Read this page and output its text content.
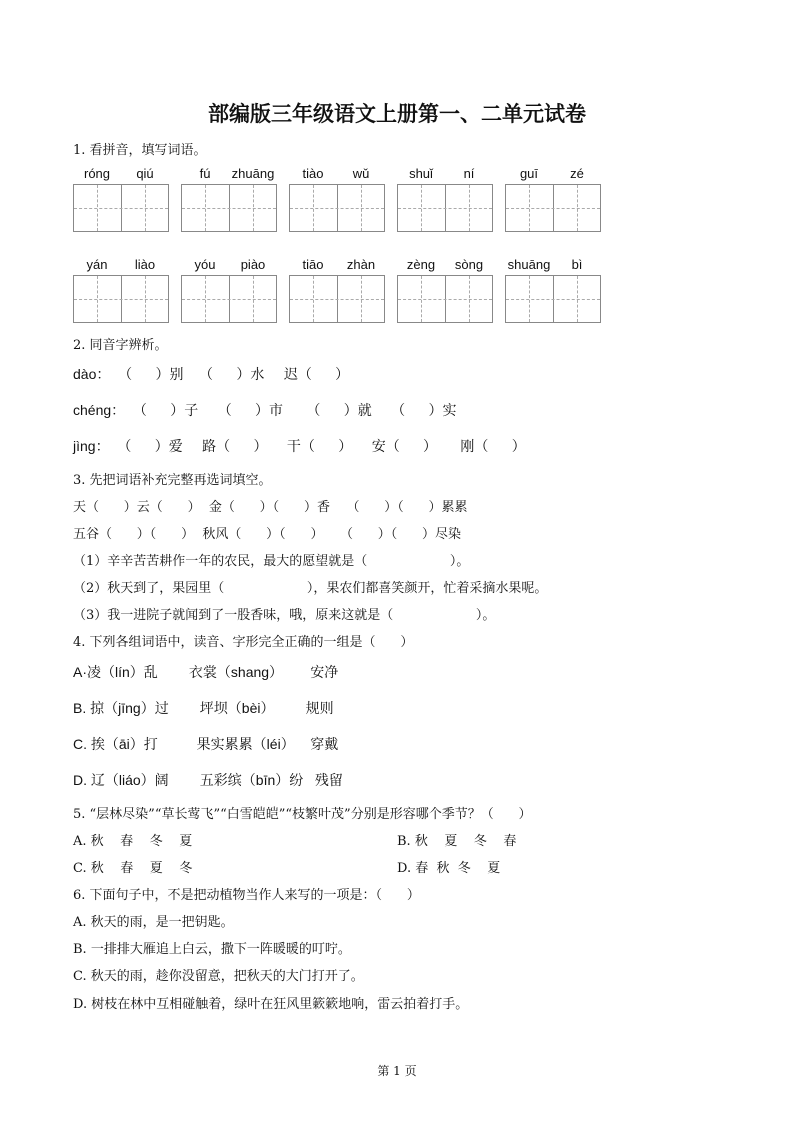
部编版三年级语文上册第一、二单元试卷
1. 看拼音，填写词语。
róng	qiú	fú	zhuāng	tiào	wǔ	shuǐ	ní	guī	zé
yán	liào	yóu	piào	tiāo	zhàn	zèng	sòng	shuāng	bì
2. 同音字辨析。
dào：  （      ）别    （      ）水     迟（      ）
chéng：  （      ）子     （      ）市      （      ）就     （      ）实
jìng：  （      ）爱     路（      ）     干（      ）     安（      ）      刚（      ）
3. 先把词语补充完整再选词填空。
天（      ）云（      ）  金（      ）（      ）香    （      ）（      ）累累
五谷（      ）（      ）  秋风（      ）（      ）    （      ）（      ）尽染
（1）辛辛苦苦耕作一年的农民，最大的愿望就是（                    ）。
（2）秋天到了，果园里（                    ），果农们都喜笑颜开，忙着采摘水果呢。
（3）我一进院子就闻到了一股香味，哦，原来这就是（                    ）。
4. 下列各组词语中，读音、字形完全正确的一组是（      ）
A·凌（lín）乱        衣裳（shang）       安净
B. 掠（jīng）过        坪坝（bèi）        规则
C. 挨（āi）打          果实累累（léi）    穿戴
D. 辽（liáo）阔        五彩缤（bīn）纷   残留
5. “层林尽染”“草长莺飞”“白雪皑皑”“枝繁叶茂”分别是形容哪个季节？（      ）
A. 秋    春    冬    夏	B. 秋    夏    冬    春
C. 秋    春    夏    冬	D. 春  秋  冬    夏
6. 下面句子中，不是把动植物当作人来写的一项是：（      ）
A. 秋天的雨，是一把钥匙。
B. 一排排大雁追上白云，撒下一阵暖暖的叮咛。
C. 秋天的雨，趁你没留意，把秋天的大门打开了。
D. 树枝在林中互相碰触着，绿叶在狂风里簌簌地响，雷云拍着打手。
第 1 页
